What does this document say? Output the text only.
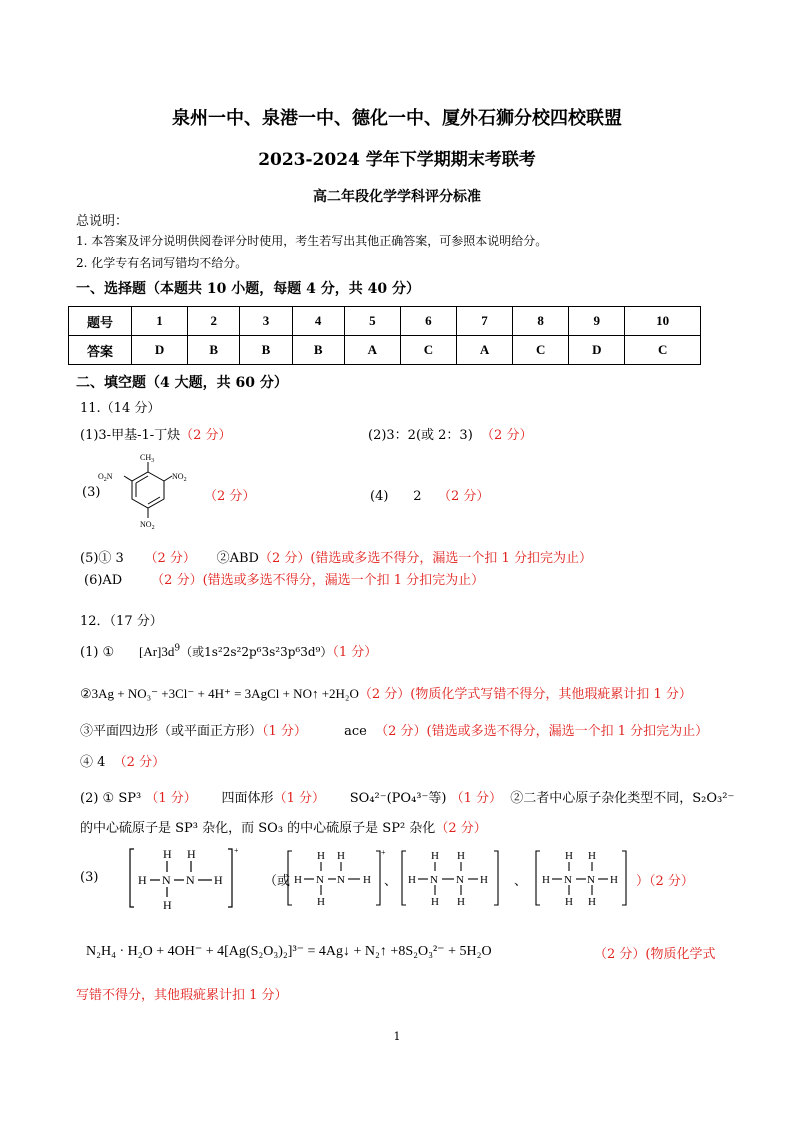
泉州一中、泉港一中、德化一中、厦外石狮分校四校联盟
2023-2024 学年下学期期末考联考
高二年段化学学科评分标准
总说明：
1. 本答案及评分说明供阅卷评分时使用，考生若写出其他正确答案，可参照本说明给分。
2. 化学专有名词写错均不给分。
一、选择题（本题共 10 小题，每题 4 分，共 40 分）
题号	1	2	3	4	5	6	7	8	9	10
答案	D	B	B	B	A	C	A	C	D	C
二、填空题（4 大题，共 60 分）
11.（14 分）
(1)3-甲基-1-丁炔（2 分）	(2)3：2(或 2：3) （2 分）
(3)
$CH_3$
$NO_2$
$O_2N$
$NO_2$
（2 分）	(4) 2 （2 分）
(5)① 3 （2 分） ②ABD（2 分）(错选或多选不得分，漏选一个扣 1 分扣完为止）
(6)AD （2 分）(错选或多选不得分，漏选一个扣 1 分扣完为止）
12．（17 分）
(1) ① $[Ar]3d^9$（或1s²2s²2p⁶3s²3p⁶3d⁹）（1 分）
②3Ag + NO₃⁻ +3Cl⁻ + 4H⁺ = 3AgCl + NO↑ +2H₂O（2 分）(物质化学式写错不得分，其他瑕疵累计扣 1 分）
③平面四边形（或平面正方形）（1 分）	ace （2 分）(错选或多选不得分，漏选一个扣 1 分扣完为止）
④ 4 （2 分）
(2) ① SP³ （1 分） 四面体形（1 分） SO₄²⁻(PO₄³⁻等) （1 分） ②二者中心原子杂化类型不同，S₂O₃²⁻
的中心硫原子是 SP³ 杂化，而 SO₃ 的中心硫原子是 SP² 杂化（2 分）
(3)	H N N H
H H
H
+
（或 H N N H
H H
H
+
、 H N N H
H H
H H
、 H N N H
H H
H H
）（2 分）
N₂H₄ · H₂O + 4OH⁻ + 4[Ag(S₂O₃)₂]³⁻ = 4Ag↓ + N₂↑ +8S₂O₃²⁻ + 5H₂O	（2 分）(物质化学式
写错不得分，其他瑕疵累计扣 1 分）
1
